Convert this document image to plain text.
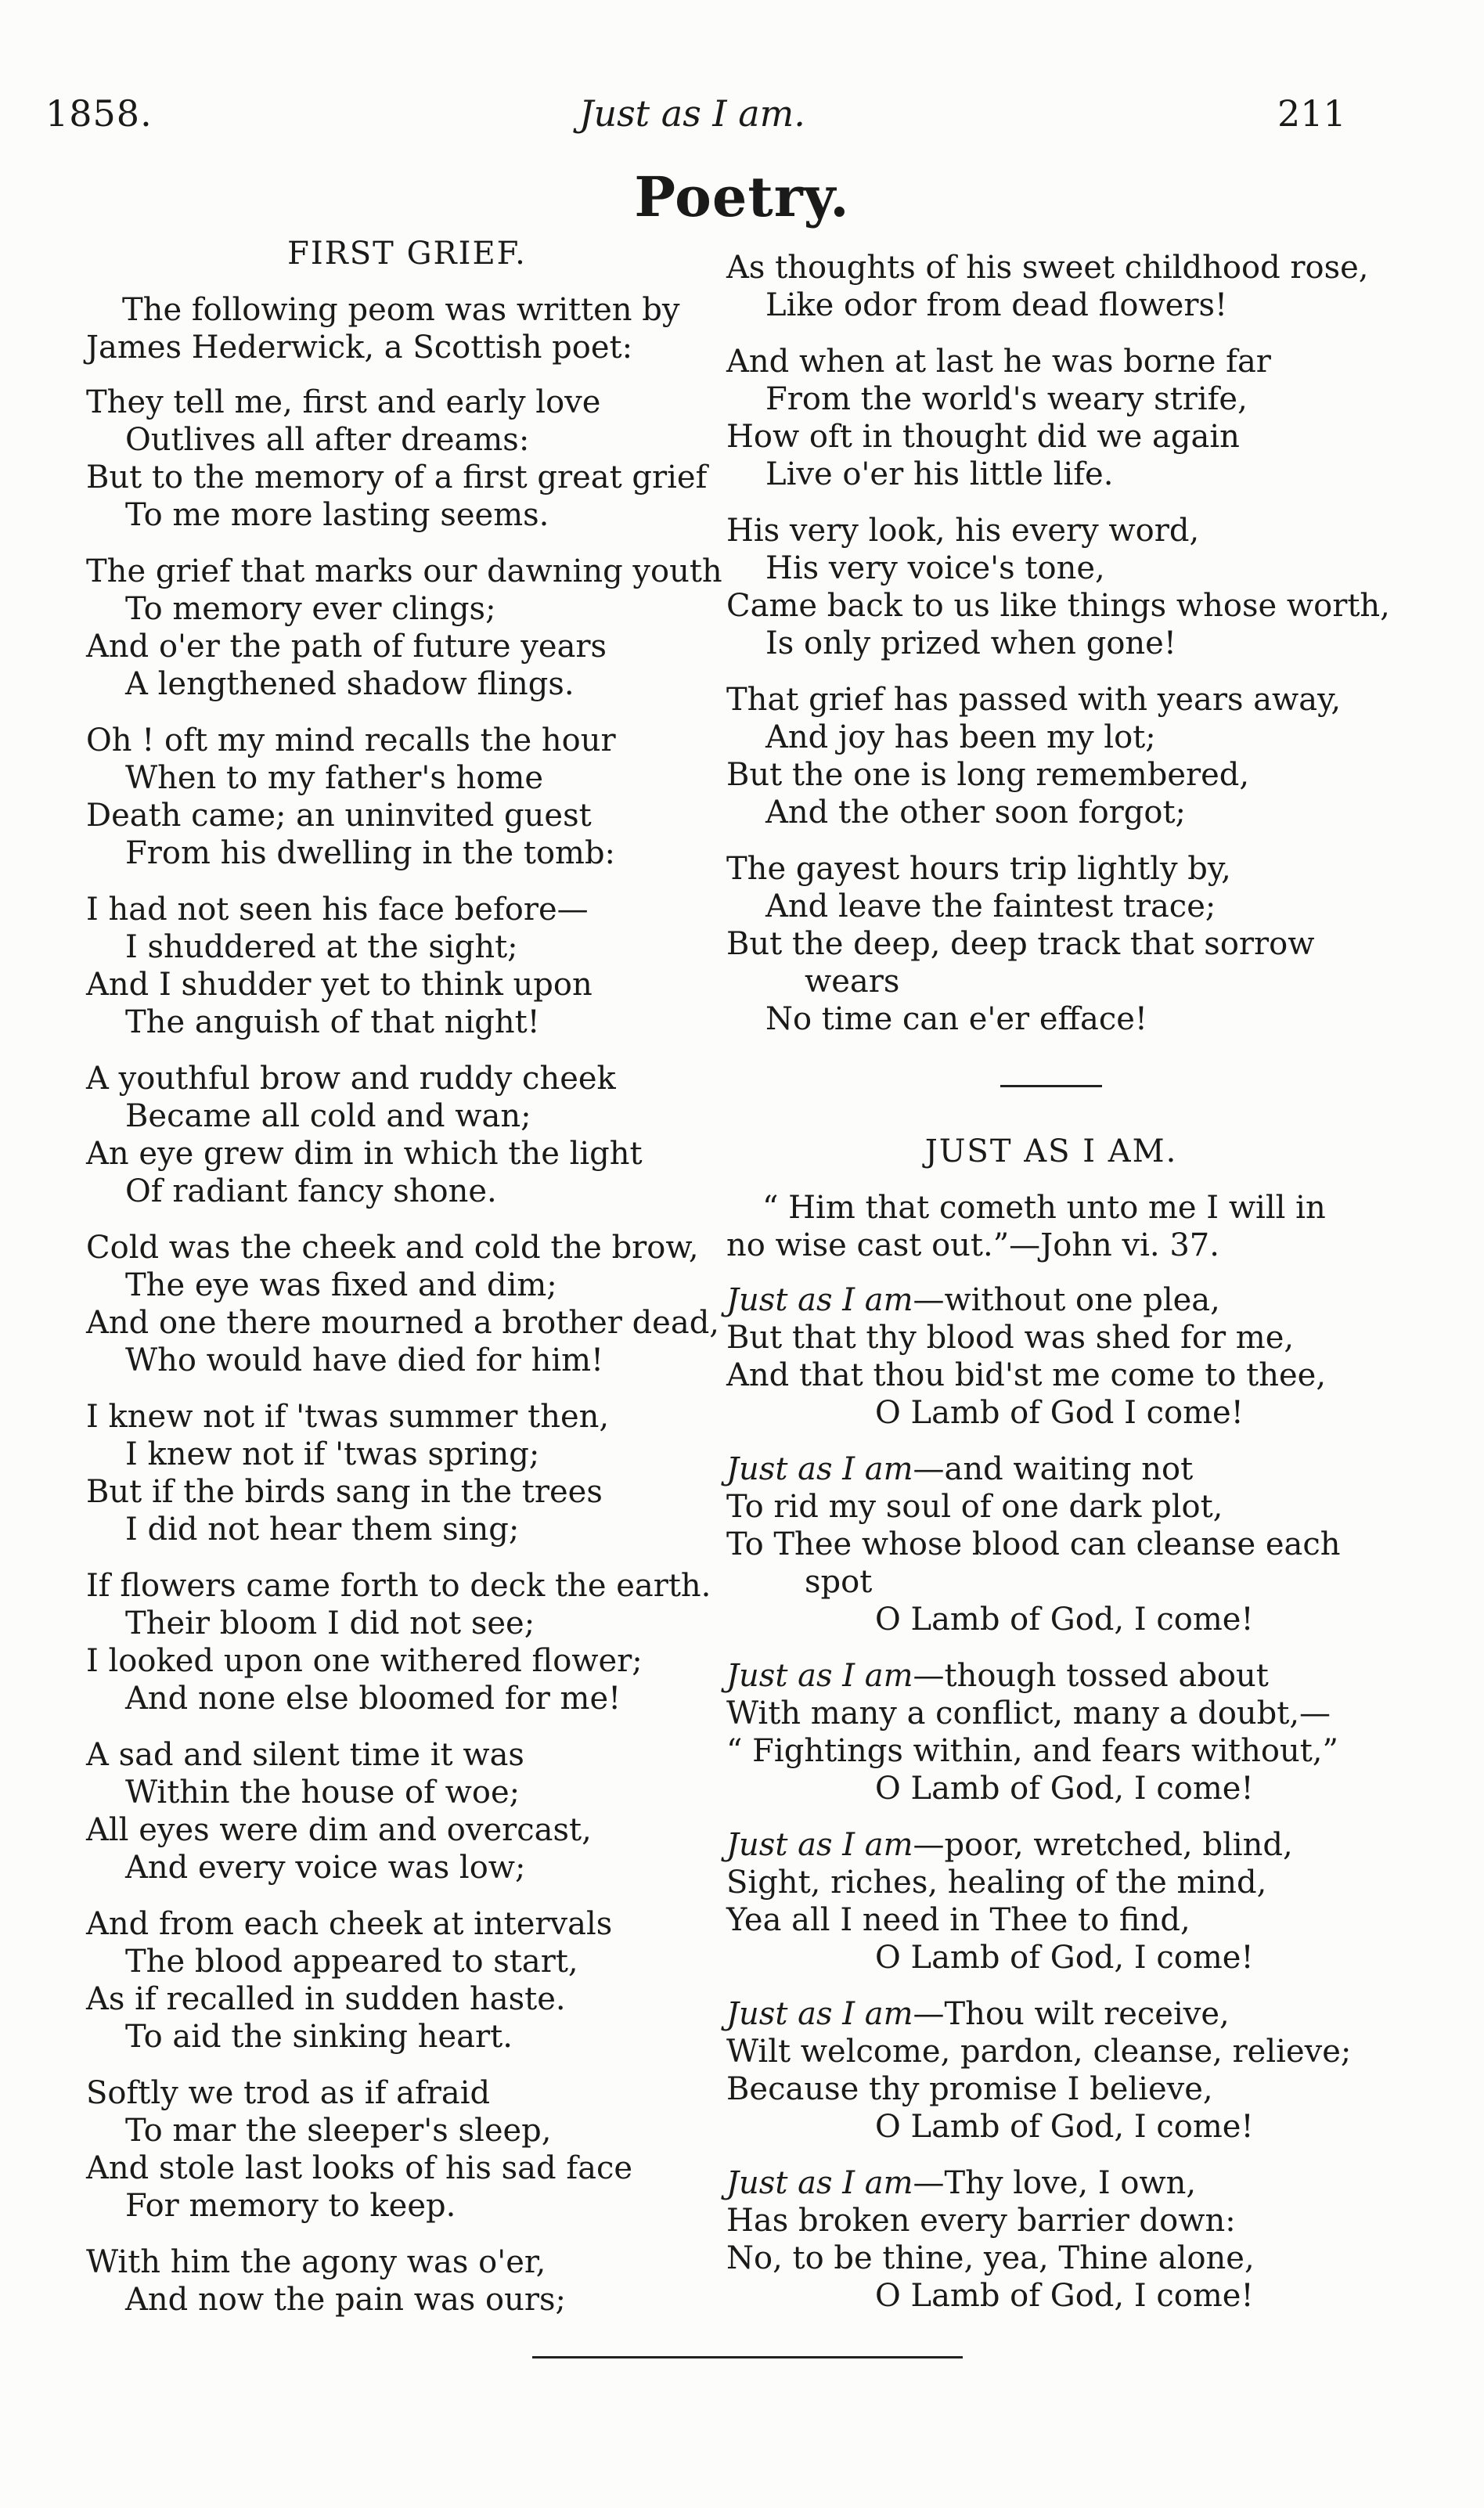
1858.	Just as I am.	211
Poetry.
FIRST GRIEF.
The following peom was written by
James Hederwick, a Scottish poet:
They tell me, first and early love
Outlives all after dreams:
But to the memory of a first great grief
To me more lasting seems.
The grief that marks our dawning youth
To memory ever clings;
And o'er the path of future years
A lengthened shadow flings.
Oh ! oft my mind recalls the hour
When to my father's home
Death came; an uninvited guest
From his dwelling in the tomb:
I had not seen his face before—
I shuddered at the sight;
And I shudder yet to think upon
The anguish of that night!
A youthful brow and ruddy cheek
Became all cold and wan;
An eye grew dim in which the light
Of radiant fancy shone.
Cold was the cheek and cold the brow,
The eye was fixed and dim;
And one there mourned a brother dead,
Who would have died for him!
I knew not if 'twas summer then,
I knew not if 'twas spring;
But if the birds sang in the trees
I did not hear them sing;
If flowers came forth to deck the earth.
Their bloom I did not see;
I looked upon one withered flower;
And none else bloomed for me!
A sad and silent time it was
Within the house of woe;
All eyes were dim and overcast,
And every voice was low;
And from each cheek at intervals
The blood appeared to start,
As if recalled in sudden haste.
To aid the sinking heart.
Softly we trod as if afraid
To mar the sleeper's sleep,
And stole last looks of his sad face
For memory to keep.
With him the agony was o'er,
And now the pain was ours;
As thoughts of his sweet childhood rose,
Like odor from dead flowers!
And when at last he was borne far
From the world's weary strife,
How oft in thought did we again
Live o'er his little life.
His very look, his every word,
His very voice's tone,
Came back to us like things whose worth,
Is only prized when gone!
That grief has passed with years away,
And joy has been my lot;
But the one is long remembered,
And the other soon forgot;
The gayest hours trip lightly by,
And leave the faintest trace;
But the deep, deep track that sorrow
wears
No time can e'er efface!
JUST AS I AM.
“ Him that cometh unto me I will in
no wise cast out.”—John vi. 37.
Just as I am—without one plea,
But that thy blood was shed for me,
And that thou bid'st me come to thee,
O Lamb of God I come!
Just as I am—and waiting not
To rid my soul of one dark plot,
To Thee whose blood can cleanse each
spot
O Lamb of God, I come!
Just as I am—though tossed about
With many a conflict, many a doubt,—
“ Fightings within, and fears without,”
O Lamb of God, I come!
Just as I am—poor, wretched, blind,
Sight, riches, healing of the mind,
Yea all I need in Thee to find,
O Lamb of God, I come!
Just as I am—Thou wilt receive,
Wilt welcome, pardon, cleanse, relieve;
Because thy promise I believe,
O Lamb of God, I come!
Just as I am—Thy love, I own,
Has broken every barrier down:
No, to be thine, yea, Thine alone,
O Lamb of God, I come!
